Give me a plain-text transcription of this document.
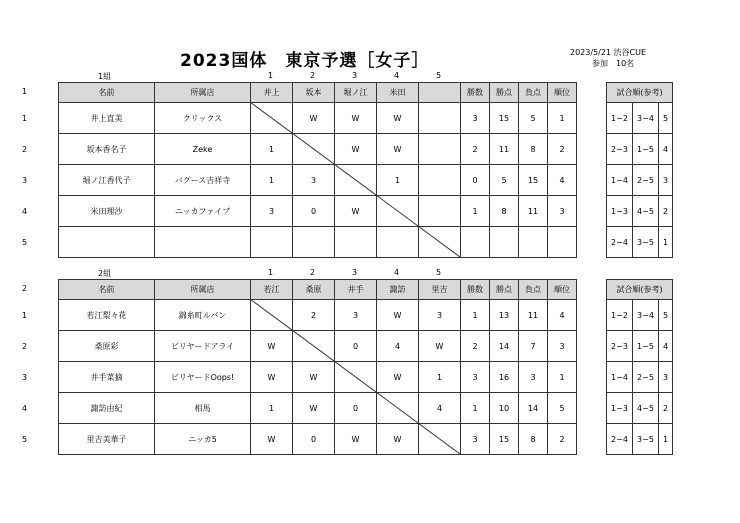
2023国体　東京予選［女子］	2023/5/21 渋谷CUE
参加　10名
1組	1	2	3	4	5
1
1
2
3
4
5
名前	所属店	井上	坂本	堀ノ江	米田		勝数	勝点	負点	順位
井上直美	クリックス		W	W	W		3	15	5	1
坂本香名子	Zeke	1		W	W		2	11	8	2
堀ノ江香代子	バグース吉祥寺	1	3		1		0	5	15	4
米田理沙	ニッカファイブ	3	0	W			1	8	11	3

試合順(参考)		
1−2	3−4	5
2−3	1−5	4
1−4	2−5	3
1−3	4−5	2
2−4	3−5	1
2組	1	2	3	4	5
2
1
2
3
4
5
名前	所属店	若江	桑原	井手	諏訪	里吉	勝数	勝点	負点	順位
若江梨々花	錦糸町ルパン		2	3	W	3	1	13	11	4
桑原彩	ビリヤードアライ	W		0	4	W	2	14	7	3
井手菜摘	ビリヤードOops!	W	W		W	1	3	16	3	1
諏訪由紀	相馬	1	W	0		4	1	10	14	5
里吉美華子	ニッカ5	W	0	W	W		3	15	8	2
試合順(参考)		
1−2	3−4	5
2−3	1−5	4
1−4	2−5	3
1−3	4−5	2
2−4	3−5	1
